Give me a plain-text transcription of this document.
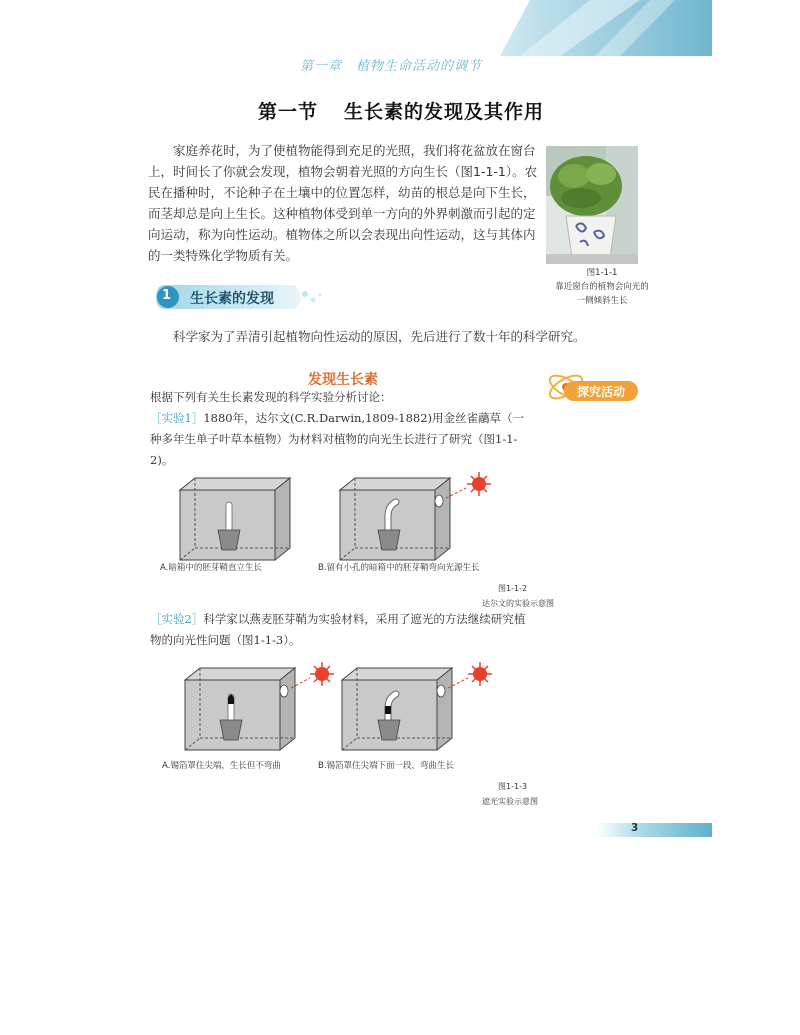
第一章　植物生命活动的调节
第一节 生长素的发现及其作用
家庭养花时，为了使植物能得到充足的光照，我们将花盆放在窗台上，时间长了你就会发现，植物会朝着光照的方向生长（图1-1-1）。农民在播种时，不论种子在土壤中的位置怎样，幼苗的根总是向下生长，而茎却总是向上生长。这种植物体受到单一方向的外界刺激而引起的定向运动，称为向性运动。植物体之所以会表现出向性运动，这与其体内的一类特殊化学物质有关。
图1-1-1
靠近窗台的植物会向光的一侧倾斜生长
1 生长素的发现
科学家为了弄清引起植物向性运动的原因，先后进行了数十年的科学研究。
发现生长素
探究活动

根据下列有关生长素发现的科学实验分析讨论：

［实验1］1880年，达尔文(C.R.Darwin,1809-1882)用金丝雀虉草（一种多年生单子叶草本植物）为材料对植物的向光生长进行了研究（图1-1-2)。

A.暗箱中的胚芽鞘直立生长	B.留有小孔的暗箱中的胚芽鞘弯向光源生长
图1-1-2
达尔文的实验示意图

［实验2］科学家以燕麦胚芽鞘为实验材料，采用了遮光的方法继续研究植物的向光性问题（图1-1-3）。

A.锡箔罩住尖端，生长但不弯曲	B.锡箔罩住尖端下面一段，弯曲生长
图1-1-3
遮光实验示意图
3
